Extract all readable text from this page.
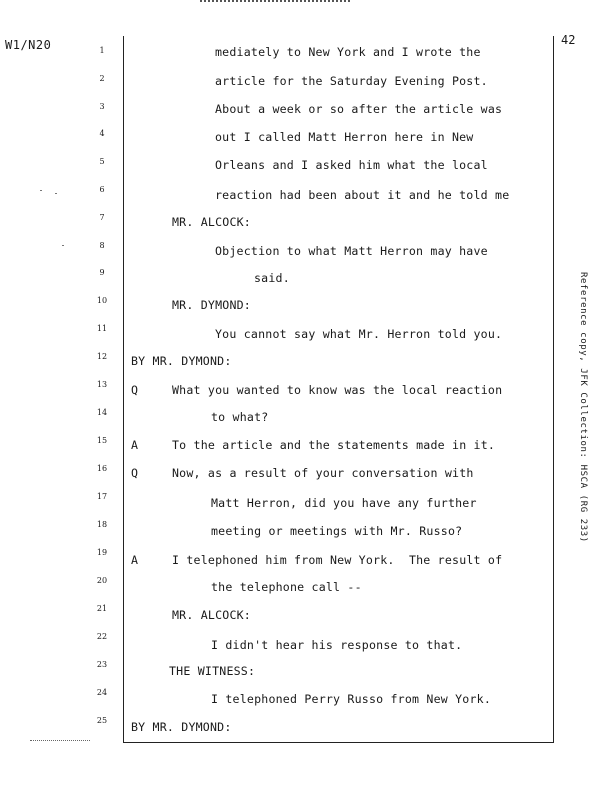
W1/N20	42
1
2
3
4
5
6
7
8
9
10
11
12
13
14
15
16
17
18
19
20
21
22
23
24
25
Q
A
Q
A
mediately to New York and I wrote the
article for the Saturday Evening Post.
About a week or so after the article was
out I called Matt Herron here in New
Orleans and I asked him what the local
reaction had been about it and he told me
MR. ALCOCK:
Objection to what Matt Herron may have
said.
MR. DYMOND:
You cannot say what Mr. Herron told you.
BY MR. DYMOND:
What you wanted to know was the local reaction
to what?
To the article and the statements made in it.
Now, as a result of your conversation with
Matt Herron, did you have any further
meeting or meetings with Mr. Russo?
I telephoned him from New York.  The result of
the telephone call --
MR. ALCOCK:
I didn't hear his response to that.
THE WITNESS:
I telephoned Perry Russo from New York.
BY MR. DYMOND:
Reference copy, JFK Collection: HSCA (RG 233)
